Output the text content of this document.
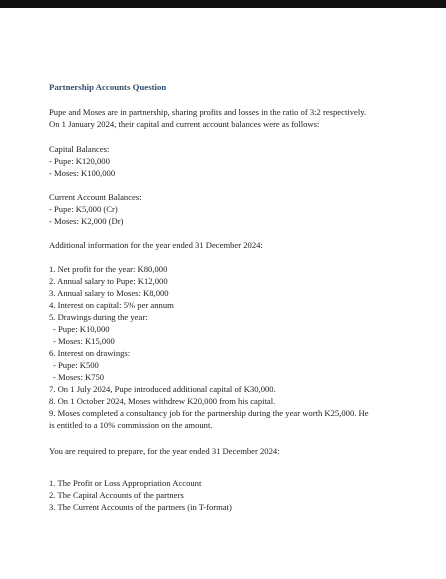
Partnership Accounts Question
Pupe and Moses are in partnership, sharing profits and losses in the ratio of 3:2 respectively.
On 1 January 2024, their capital and current account balances were as follows:
Capital Balances:
- Pupe: K120,000
- Moses: K100,000
Current Account Balances:
- Pupe: K5,000 (Cr)
- Moses: K2,000 (Dr)
Additional information for the year ended 31 December 2024:
1. Net profit for the year: K80,000
2. Annual salary to Pupe: K12,000
3. Annual salary to Moses: K8,000
4. Interest on capital: 5% per annum
5. Drawings during the year:
- Pupe: K10,000
- Moses: K15,000
6. Interest on drawings:
- Pupe: K500
- Moses: K750
7. On 1 July 2024, Pupe introduced additional capital of K30,000.
8. On 1 October 2024, Moses withdrew K20,000 from his capital.
9. Moses completed a consultancy job for the partnership during the year worth K25,000. He
is entitled to a 10% commission on the amount.
You are required to prepare, for the year ended 31 December 2024:
1. The Profit or Loss Appropriation Account
2. The Capital Accounts of the partners
3. The Current Accounts of the partners (in T-format)
